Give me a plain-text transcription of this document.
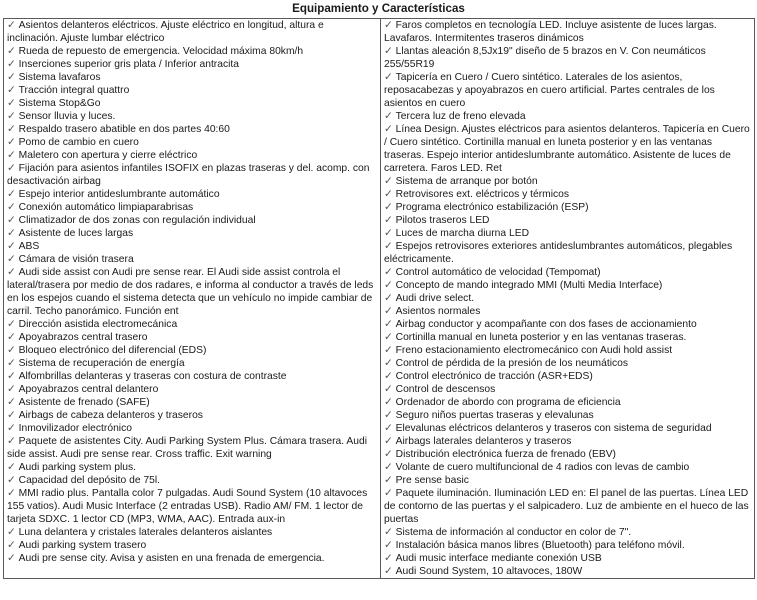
Equipamiento y Características
✓ Asientos delanteros eléctricos. Ajuste eléctrico en longitud, altura e inclinación. Ajuste lumbar eléctrico
✓ Rueda de repuesto de emergencia. Velocidad máxima 80km/h
✓ Inserciones superior gris plata / Inferior antracita
✓ Sistema lavafaros
✓ Tracción integral quattro
✓ Sistema Stop&Go
✓ Sensor lluvia y luces.
✓ Respaldo trasero abatible en dos partes 40:60
✓ Pomo de cambio en cuero
✓ Maletero con apertura y cierre eléctrico
✓ Fijación para asientos infantiles ISOFIX en plazas traseras y del. acomp. con desactivación airbag
✓ Espejo interior antideslumbrante automático
✓ Conexión automático limpiaparabrisas
✓ Climatizador de dos zonas con regulación individual
✓ Asistente de luces largas
✓ ABS
✓ Cámara de visión trasera
✓ Audi side assist con Audi pre sense rear. El Audi side assist controla el lateral/trasera por medio de dos radares, e informa al conductor a través de leds en los espejos cuando el sistema detecta que un vehículo no impide cambiar de carril. Techo panorámico. Función ent
✓ Dirección asistida electromecánica
✓ Apoyabrazos central trasero
✓ Bloqueo electrónico del diferencial (EDS)
✓ Sistema de recuperación de energía
✓ Alfombrillas delanteras y traseras con costura de contraste
✓ Apoyabrazos central delantero
✓ Asistente de frenado (SAFE)
✓ Airbags de cabeza delanteros y traseros
✓ Inmovilizador electrónico
✓ Paquete de asistentes City. Audi Parking System Plus. Cámara trasera. Audi side assist. Audi pre sense rear. Cross traffic. Exit warning
✓ Audi parking system plus.
✓ Capacidad del depósito de 75l.
✓ MMI radio plus. Pantalla color 7 pulgadas. Audi Sound System (10 altavoces 155 vatios). Audi Music Interface (2 entradas USB). Radio AM/ FM. 1 lector de tarjeta SDXC. 1 lector CD (MP3, WMA, AAC). Entrada aux-in
✓ Luna delantera y cristales laterales delanteros aislantes
✓ Audi parking system trasero
✓ Audi pre sense city. Avisa y asisten en una frenada de emergencia.

✓ Faros completos en tecnología LED. Incluye asistente de luces largas. Lavafaros. Intermitentes traseros dinámicos
✓ Llantas aleación 8,5Jx19" diseño de 5 brazos en V. Con neumáticos 255/55R19
✓ Tapicería en Cuero / Cuero sintético. Laterales de los asientos, reposacabezas y apoyabrazos en cuero artificial. Partes centrales de los asientos en cuero
✓ Tercera luz de freno elevada
✓ Línea Design. Ajustes eléctricos para asientos delanteros. Tapicería en Cuero / Cuero sintético. Cortinilla manual en luneta posterior y en las ventanas traseras. Espejo interior antideslumbrante automático. Asistente de luces de carretera. Faros LED. Ret
✓ Sistema de arranque por botón
✓ Retrovisores ext. eléctricos y térmicos
✓ Programa electrónico estabilización (ESP)
✓ Pilotos traseros LED
✓ Luces de marcha diurna LED
✓ Espejos retrovisores exteriores antideslumbrantes automáticos, plegables eléctricamente.
✓ Control automático de velocidad (Tempomat)
✓ Concepto de mando integrado MMI (Multi Media Interface)
✓ Audi drive select.
✓ Asientos normales
✓ Airbag conductor y acompañante con dos fases de accionamiento
✓ Cortinilla manual en luneta posterior y en las ventanas traseras.
✓ Freno estacionamiento electromecánico con Audi hold assist
✓ Control de pérdida de la presión de los neumáticos
✓ Control electrónico de tracción (ASR+EDS)
✓ Control de descensos
✓ Ordenador de abordo con programa de eficiencia
✓ Seguro niños puertas traseras y elevalunas
✓ Elevalunas eléctricos delanteros y traseros con sistema de seguridad
✓ Airbags laterales delanteros y traseros
✓ Distribución electrónica fuerza de frenado (EBV)
✓ Volante de cuero multifuncional de 4 radios con levas de cambio
✓ Pre sense basic
✓ Paquete iluminación. Iluminación LED en: El panel de las puertas. Línea LED de contorno de las puertas y el salpicadero. Luz de ambiente en el hueco de las puertas
✓ Sistema de información al conductor en color de 7".
✓ Instalación básica manos libres (Bluetooth) para teléfono móvil.
✓ Audi music interface mediante conexión USB
✓ Audi Sound System, 10 altavoces, 180W
